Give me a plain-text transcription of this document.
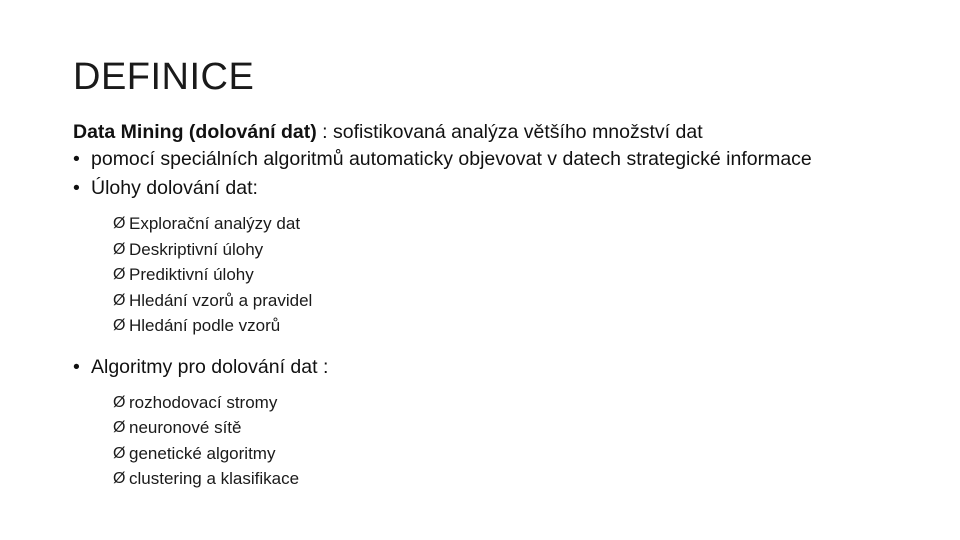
DEFINICE

Data Mining (dolování dat) : sofistikovaná analýza většího množství dat

• pomocí speciálních algoritmů automaticky objevovat v datech strategické informace
• Úlohy dolování dat:
Ø Explorační analýzy dat
Ø Deskriptivní úlohy
Ø Prediktivní úlohy
Ø Hledání vzorů a pravidel
Ø Hledání podle vzorů
• Algoritmy pro dolování dat :
Ø rozhodovací stromy
Ø neuronové sítě
Ø genetické algoritmy
Ø clustering a klasifikace
